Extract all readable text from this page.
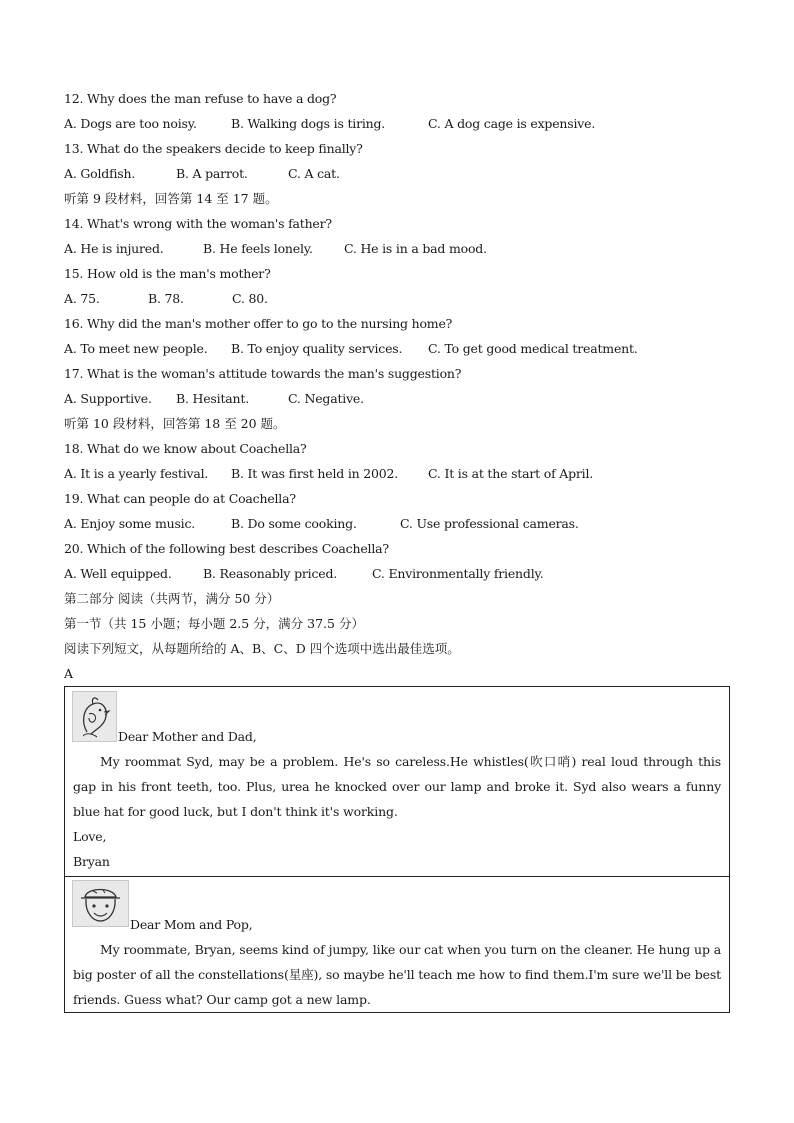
12. Why does the man refuse to have a dog?
A. Dogs are too noisy.	B. Walking dogs is tiring.	C. A dog cage is expensive.
13. What do the speakers decide to keep finally?
A. Goldfish.	B. A parrot.	C. A cat.
听第 9 段材料，回答第 14 至 17 题。
14. What's wrong with the woman's father?
A. He is injured.	B. He feels lonely. C. He is in a bad mood.
15. How old is the man's mother?
A. 75.	B. 78.	C. 80.
16. Why did the man's mother offer to go to the nursing home?
A. To meet new people. B. To enjoy quality services. C. To get good medical treatment.
17. What is the woman's attitude towards the man's suggestion?
A. Supportive. B. Hesitant.	C. Negative.
听第 10 段材料，回答第 18 至 20 题。
18. What do we know about Coachella?
A. It is a yearly festival. B. It was first held in 2002. C. It is at the start of April.
19. What can people do at Coachella?
A. Enjoy some music.	B. Do some cooking.	C. Use professional cameras.
20. Which of the following best describes Coachella?
A. Well equipped.	B. Reasonably priced.	C. Environmentally friendly.
第二部分 阅读（共两节，满分 50 分）
第一节（共 15 小题；每小题 2.5 分，满分 37.5 分）
阅读下列短文，从每题所给的 A、B、C、D 四个选项中选出最佳选项。
A
Dear Mother and Dad,
My roommat Syd, may be a problem. He's so careless.He whistles(吹口哨) real loud through this gap in his front teeth, too. Plus, urea he knocked over our lamp and broke it. Syd also wears a funny blue hat for good luck, but I don't think it's working.
Love,
Bryan
Dear Mom and Pop,
My roommate, Bryan, seems kind of jumpy, like our cat when you turn on the cleaner. He hung up a big poster of all the constellations(星座), so maybe he'll teach me how to find them.I'm sure we'll be best friends. Guess what? Our camp got a new lamp.
